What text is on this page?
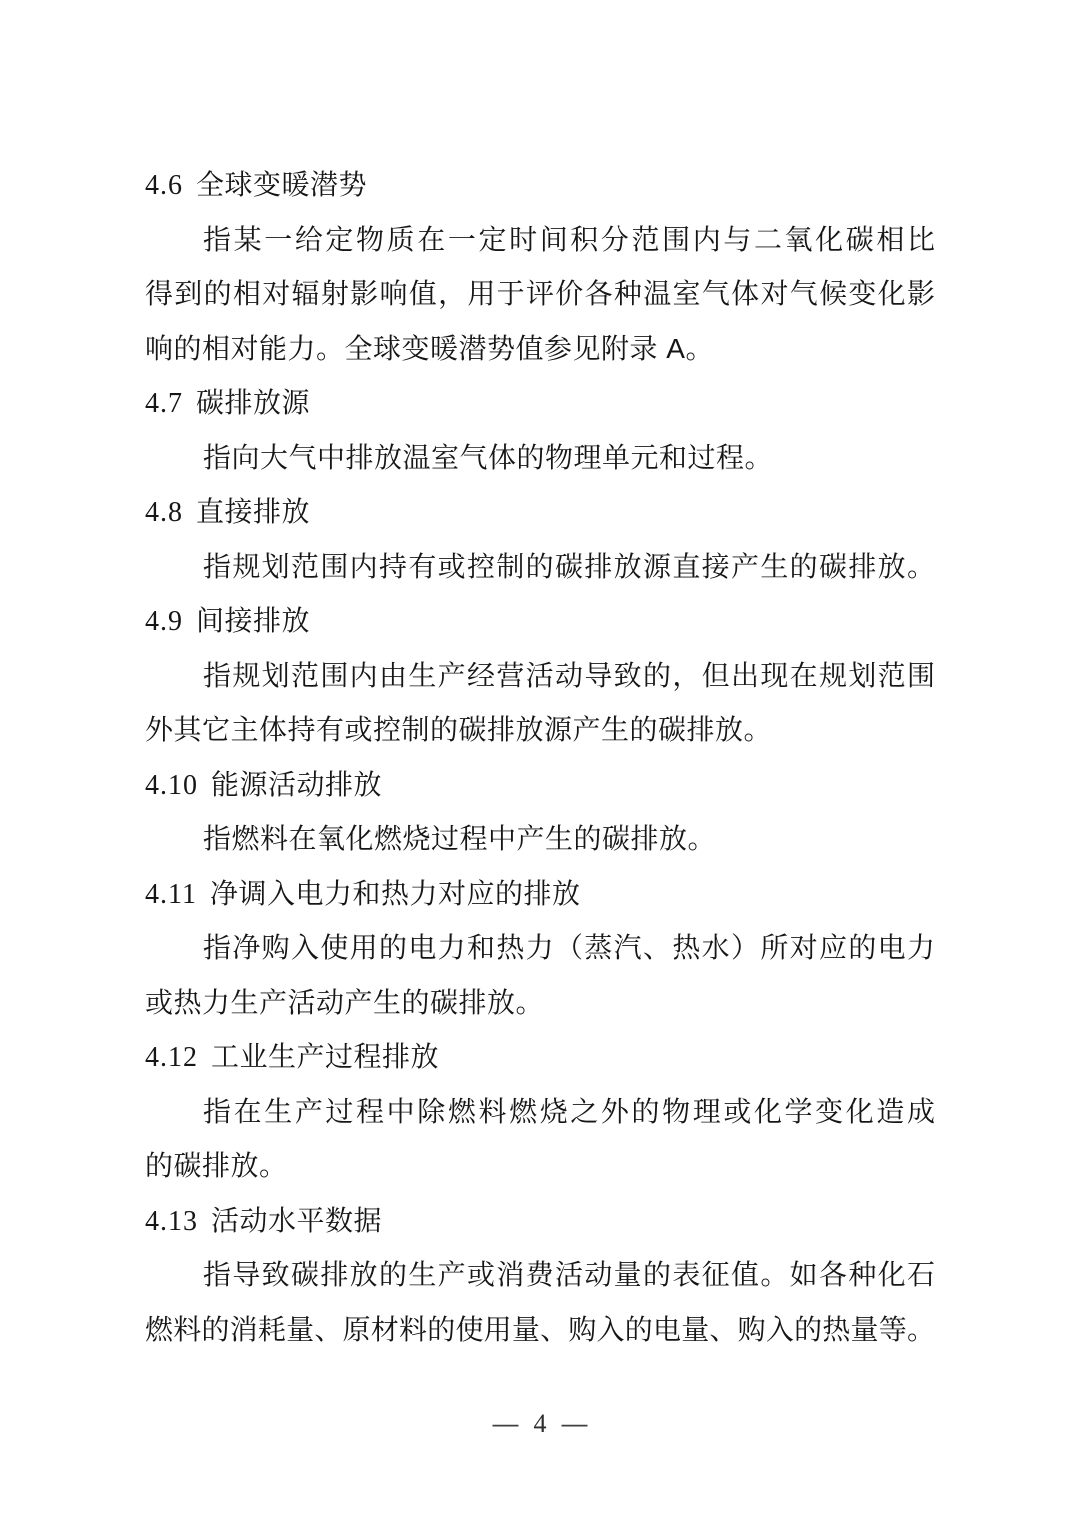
4.6 全球变暖潜势
指某一给定物质在一定时间积分范围内与二氧化碳相比
得到的相对辐射影响值，用于评价各种温室气体对气候变化影
响的相对能力。全球变暖潜势值参见附录 A。
4.7 碳排放源
指向大气中排放温室气体的物理单元和过程。
4.8 直接排放
指规划范围内持有或控制的碳排放源直接产生的碳排放。
4.9 间接排放
指规划范围内由生产经营活动导致的，但出现在规划范围
外其它主体持有或控制的碳排放源产生的碳排放。
4.10 能源活动排放
指燃料在氧化燃烧过程中产生的碳排放。
4.11 净调入电力和热力对应的排放
指净购入使用的电力和热力（蒸汽、热水）所对应的电力
或热力生产活动产生的碳排放。
4.12 工业生产过程排放
指在生产过程中除燃料燃烧之外的物理或化学变化造成
的碳排放。
4.13 活动水平数据
指导致碳排放的生产或消费活动量的表征值。如各种化石
燃料的消耗量、原材料的使用量、购入的电量、购入的热量等。
— 4 —
